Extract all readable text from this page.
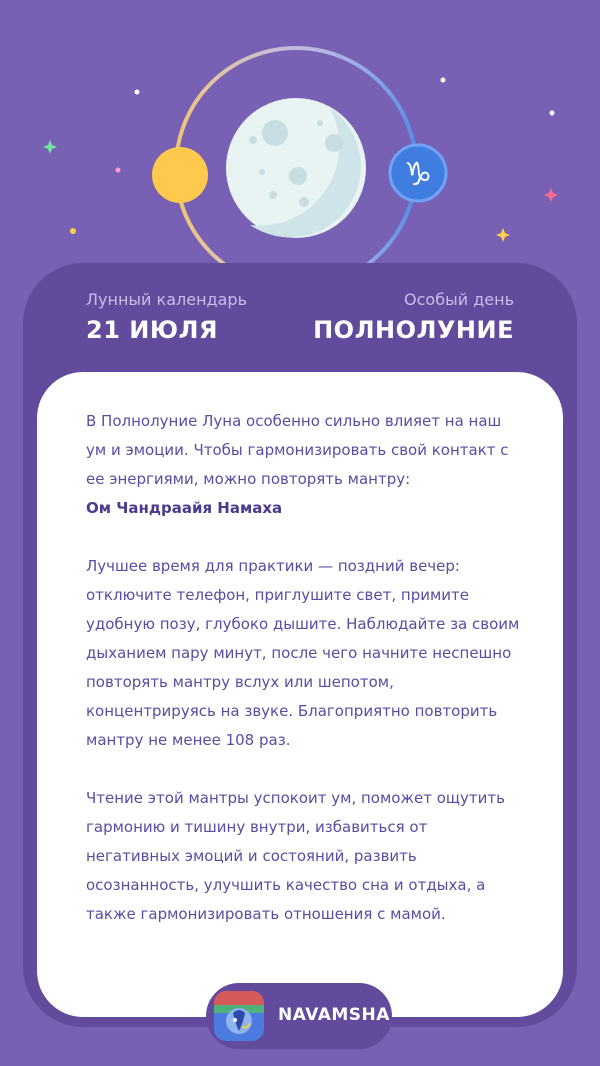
♑
Лунный календарь
21 ИЮЛЯ
Особый день
ПОЛНОЛУНИЕ

В Полнолуние Луна особенно сильно влияет на наш ум и эмоции. Чтобы гармонизировать свой контакт с ее энергиями, можно повторять мантру:

Ом Чандраайя Намаха

Лучшее время для практики — поздний вечер: отключите телефон, приглушите свет, примите удобную позу, глубоко дышите. Наблюдайте за своим дыханием пару минут, после чего начните неспешно повторять мантру вслух или шепотом, концентрируясь на звуке. Благоприятно повторить мантру не менее 108 раз.

Чтение этой мантры успокоит ум, поможет ощутить гармонию и тишину внутри, избавиться от негативных эмоций и состояний, развить осознанность, улучшить качество сна и отдыха, а также гармонизировать отношения с мамой.

NAVAMSHA
